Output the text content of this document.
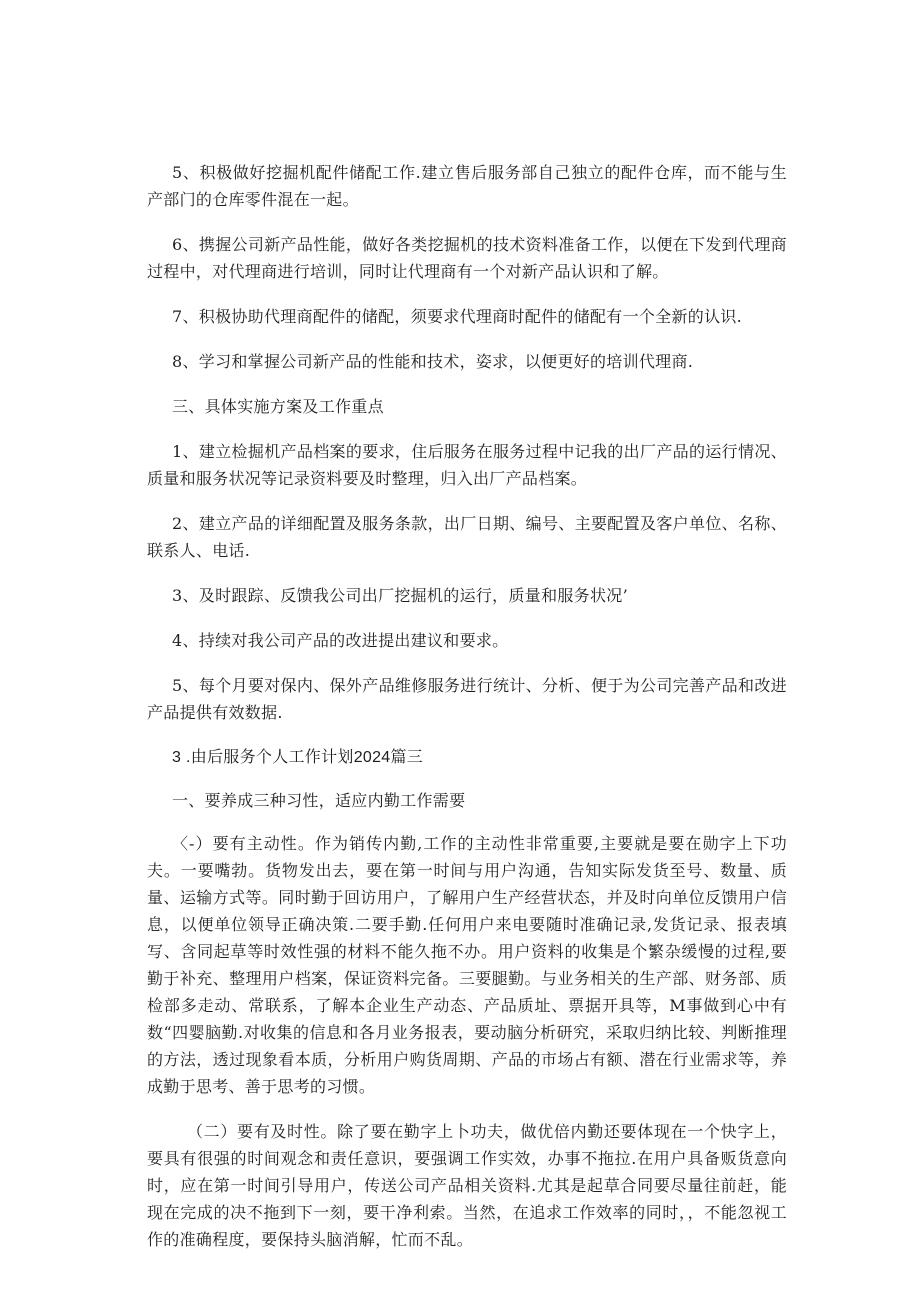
5、积极做好挖掘机配件储配工作.建立售后服务部自己独立的配件仓库，而不能与生产部门的仓库零件混在一起。

6、携握公司新产品性能，做好各类挖掘机的技术资料准备工作，以便在下发到代理商过程中，对代理商进行培训，同时让代理商有一个对新产品认识和了解。

7、积极协助代理商配件的储配，须要求代理商时配件的储配有一个全新的认识.

8、学习和掌握公司新产品的性能和技术，姿求，以便更好的培训代理商.

三、具体实施方案及工作重点

1、建立检掘机产品档案的要求，住后服务在服务过程中记我的出厂产品的运行情况、质量和服务状况等记录资料要及时整理，归入出厂产品档案。

2、建立产品的详细配置及服务条款，出厂日期、编号、主要配置及客户单位、名称、联系人、电话.

3、及时跟踪、反馈我公司出厂挖掘机的运行，质量和服务状况’

4、持续对我公司产品的改进提出建议和要求。

5、每个月要对保内、保外产品维修服务进行统计、分析、便于为公司完善产品和改进产品提供有效数据.

3 .由后服务个人工作计划2024篇三

一、要养成三种习性，适应内勤工作需要

〈-）要有主动性。作为销传内勤,工作的主动性非常重要,主要就是要在勋字上下功夫。一要嘴勃。货物发出去，要在第一时间与用户沟通，告知实际发货至号、数量、质量、运输方式等。同时勤于回访用户，了解用户生产经营状态，并及时向单位反馈用户信息，以便单位领导正确决策.二要手勤.任何用户来电要随时准确记录,发货记录、报表填写、含同起草等时效性强的材料不能久拖不办。用户资料的收集是个繁杂缓慢的过程,要勤于补充、整理用户档案，保证资料完备。三要腿勤。与业务相关的生产部、财务部、质检部多走动、常联系，了解本企业生产动态、产品质址、票据开具等，M事做到心中有数“四婴脑勤.对收集的信息和各月业务报表，要动脑分析研究，采取归纳比较、判断推理的方法，透过现象看本质，分析用户购货周期、产品的市场占有额、潜在行业需求等，养成勤于思考、善于思考的习惯。

（二）要有及时性。除了要在勤字上卜功夫，做优倍内勤还要体现在一个快字上，要具有很强的时间观念和责任意识，要强调工作实效，办事不拖拉.在用户具备贩货意向时，应在第一时间引导用户，传送公司产品相关资料.尤其是起草合同要尽量往前赶，能现在完成的决不拖到下一刻，要干净利索。当然，在追求工作效率的同时，，不能忽视工作的准确程度，要保持头脑消解，忙而不乱。
